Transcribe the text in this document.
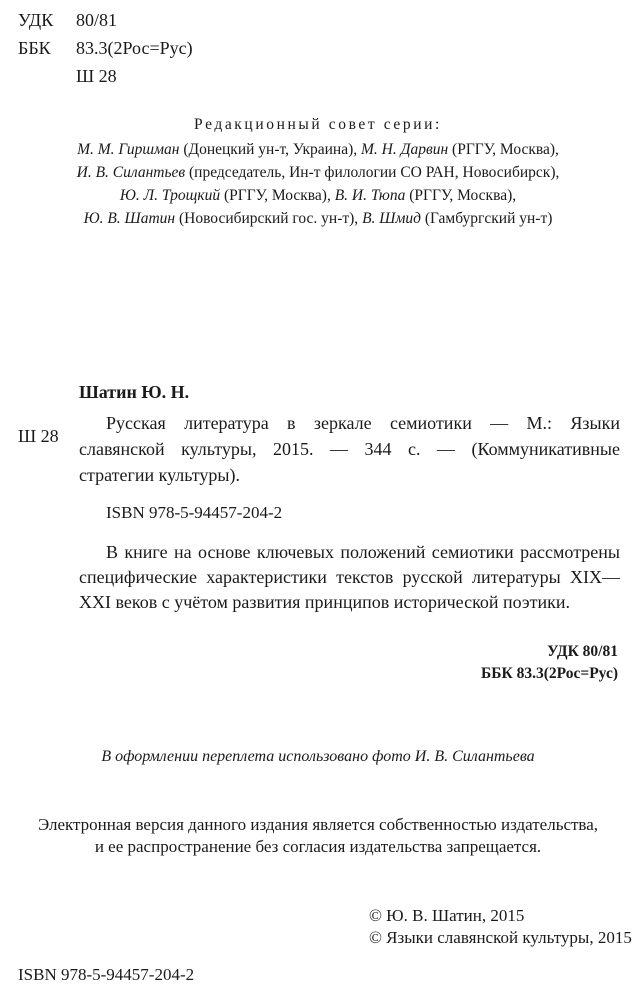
УДК 80/81
ББК 83.3(2Рос=Рус)
Ш 28
Редакционный совет серии:
М. М. Гиршман (Донецкий ун-т, Украина), М. Н. Дарвин (РГГУ, Москва),
И. В. Силантьев (председатель, Ин-т филологии СО РАН, Новосибирск),
Ю. Л. Трощкий (РГГУ, Москва), В. И. Тюпа (РГГУ, Москва),
Ю. В. Шатин (Новосибирский гос. ун-т), В. Шмид (Гамбургский ун-т)
Шатин Ю. Н.
Ш 28
Русская литература в зеркале семиотики — М.: Языки
славянской культуры, 2015. — 344 с. — (Коммуникативные
стратегии культуры).
ISBN 978-5-94457-204-2
В книге на основе ключевых положений семиотики рассмотрены
специфические характеристики текстов русской литературы XIX—
XXI веков с учётом развития принципов исторической поэтики.
УДК 80/81
ББК 83.3(2Рос=Рус)
В оформлении переплета использовано фото И. В. Силантьева
Электронная версия данного издания является собственностью издательства,
и ее распространение без согласия издательства запрещается.
© Ю. В. Шатин, 2015
© Языки славянской культуры, 2015
ISBN 978-5-94457-204-2
